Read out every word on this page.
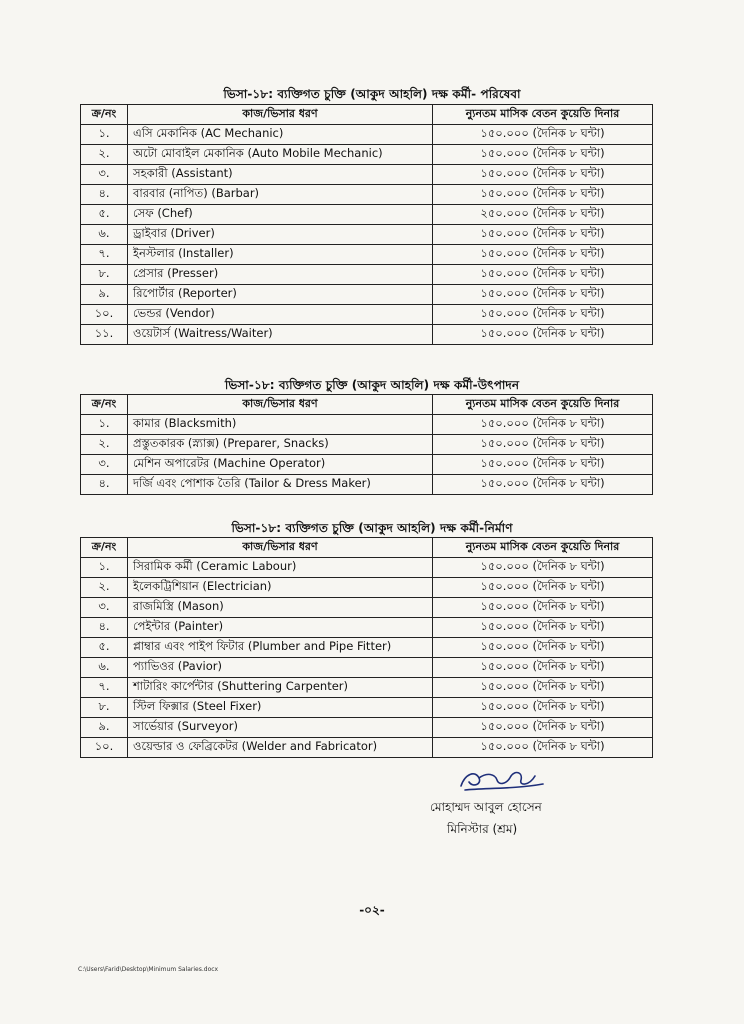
ভিসা-১৮: ব্যক্তিগত চুক্তি (আকুদ আহলি) দক্ষ কর্মী- পরিষেবা
ক্র/নং	কাজ/ভিসার ধরণ	ন্যুনতম মাসিক বেতন কুয়েতি দিনার
১.	এসি মেকানিক (AC Mechanic)	১৫০.০০০ (দৈনিক ৮ ঘন্টা)
২.	অটো মোবাইল মেকানিক (Auto Mobile Mechanic)	১৫০.০০০ (দৈনিক ৮ ঘন্টা)
৩.	সহকারী (Assistant)	১৫০.০০০ (দৈনিক ৮ ঘন্টা)
৪.	বারবার (নাপিত) (Barbar)	১৫০.০০০ (দৈনিক ৮ ঘন্টা)
৫.	সেফ (Chef)	২৫০.০০০ (দৈনিক ৮ ঘন্টা)
৬.	ড্রাইবার (Driver)	১৫০.০০০ (দৈনিক ৮ ঘন্টা)
৭.	ইনস্টলার (Installer)	১৫০.০০০ (দৈনিক ৮ ঘন্টা)
৮.	প্রেসার (Presser)	১৫০.০০০ (দৈনিক ৮ ঘন্টা)
৯.	রিপোর্টার (Reporter)	১৫০.০০০ (দৈনিক ৮ ঘন্টা)
১০.	ভেন্ডর (Vendor)	১৫০.০০০ (দৈনিক ৮ ঘন্টা)
১১.	ওয়েটার্স (Waitress/Waiter)	১৫০.০০০ (দৈনিক ৮ ঘন্টা)
ভিসা-১৮: ব্যক্তিগত চুক্তি (আকুদ আহলি) দক্ষ কর্মী-উৎপাদন
ক্র/নং	কাজ/ভিসার ধরণ	ন্যুনতম মাসিক বেতন কুয়েতি দিনার
১.	কামার (Blacksmith)	১৫০.০০০ (দৈনিক ৮ ঘন্টা)
২.	প্রস্তুতকারক (স্ন্যাক্স) (Preparer, Snacks)	১৫০.০০০ (দৈনিক ৮ ঘন্টা)
৩.	মেশিন অপারেটর (Machine Operator)	১৫০.০০০ (দৈনিক ৮ ঘন্টা)
৪.	দর্জি এবং পোশাক তৈরি (Tailor & Dress Maker)	১৫০.০০০ (দৈনিক ৮ ঘন্টা)
ভিসা-১৮: ব্যক্তিগত চুক্তি (আকুদ আহলি) দক্ষ কর্মী-নির্মাণ
ক্র/নং	কাজ/ভিসার ধরণ	ন্যুনতম মাসিক বেতন কুয়েতি দিনার
১.	সিরামিক কর্মী (Ceramic Labour)	১৫০.০০০ (দৈনিক ৮ ঘন্টা)
২.	ইলেকট্রিশিয়ান (Electrician)	১৫০.০০০ (দৈনিক ৮ ঘন্টা)
৩.	রাজমিস্ত্রি (Mason)	১৫০.০০০ (দৈনিক ৮ ঘন্টা)
৪.	পেইন্টার (Painter)	১৫০.০০০ (দৈনিক ৮ ঘন্টা)
৫.	প্লাম্বার এবং পাইপ ফিটার (Plumber and Pipe Fitter)	১৫০.০০০ (দৈনিক ৮ ঘন্টা)
৬.	প্যাভিওর (Pavior)	১৫০.০০০ (দৈনিক ৮ ঘন্টা)
৭.	শাটারিং কার্পেন্টার (Shuttering Carpenter)	১৫০.০০০ (দৈনিক ৮ ঘন্টা)
৮.	স্টিল ফিক্সার (Steel Fixer)	১৫০.০০০ (দৈনিক ৮ ঘন্টা)
৯.	সার্ভেয়ার (Surveyor)	১৫০.০০০ (দৈনিক ৮ ঘন্টা)
১০.	ওয়েল্ডার ও ফেব্রিকেটর (Welder and Fabricator)	১৫০.০০০ (দৈনিক ৮ ঘন্টা)
মোহাম্মদ আবুল হোসেন
মিনিস্টার (শ্রম)
-০২-
C:\Users\Farid\Desktop\Minimum Salaries.docx
